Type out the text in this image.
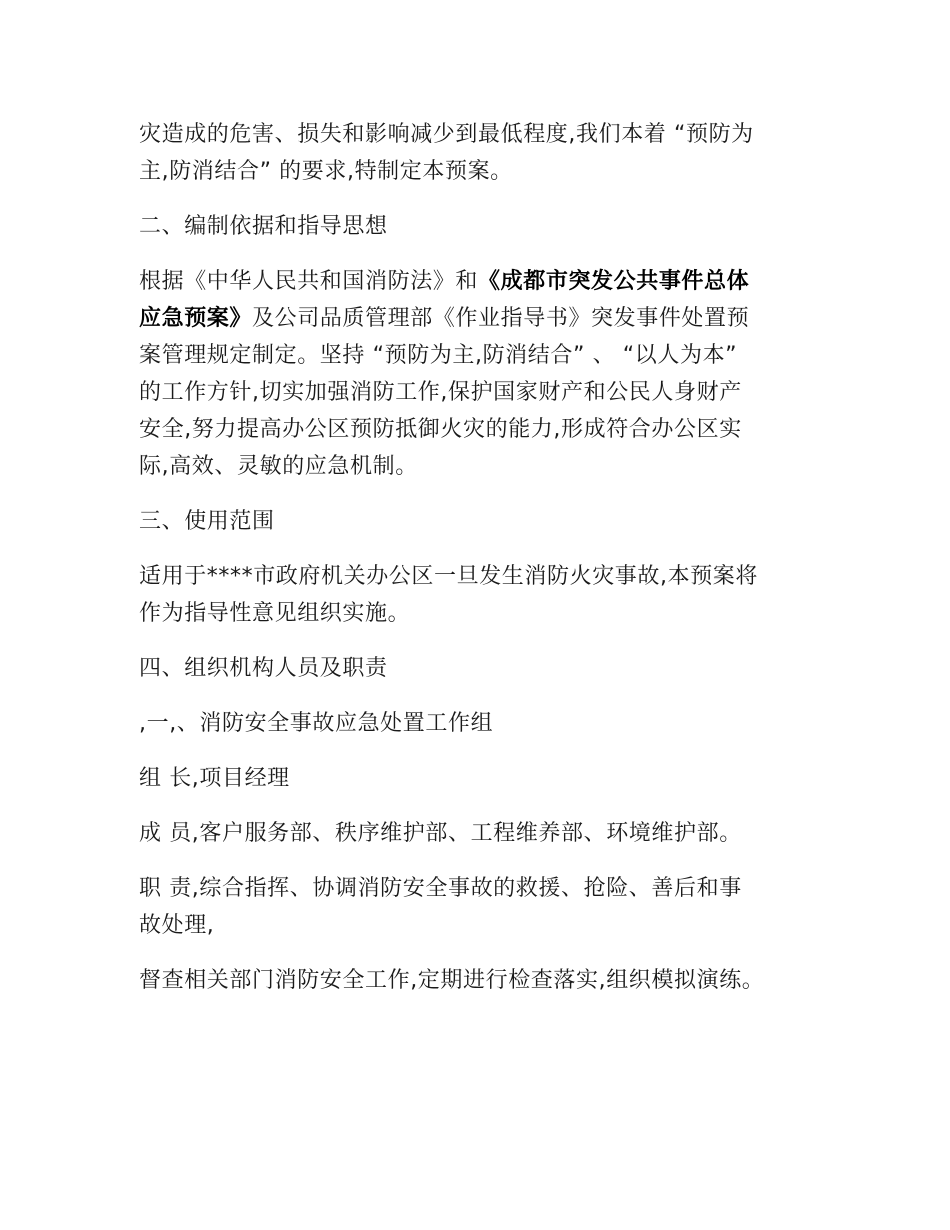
灾造成的危害、损失和影响减少到最低程度,我们本着 “预防为
主,防消结合” 的要求,特制定本预案。

二、编制依据和指导思想

根据《中华人民共和国消防法》和《成都市突发公共事件总体
应急预案》及公司品质管理部《作业指导书》突发事件处置预
案管理规定制定。坚持 “预防为主,防消结合” 、 “以人为本”
的工作方针,切实加强消防工作,保护国家财产和公民人身财产
安全,努力提高办公区预防抵御火灾的能力,形成符合办公区实
际,高效、灵敏的应急机制。

三、使用范围

适用于****市政府机关办公区一旦发生消防火灾事故,本预案将
作为指导性意见组织实施。

四、组织机构人员及职责

,一,、消防安全事故应急处置工作组

组 长,项目经理

成 员,客户服务部、秩序维护部、工程维养部、环境维护部。

职 责,综合指挥、协调消防安全事故的救援、抢险、善后和事
故处理,

督查相关部门消防安全工作,定期进行检查落实,组织模拟演练。
